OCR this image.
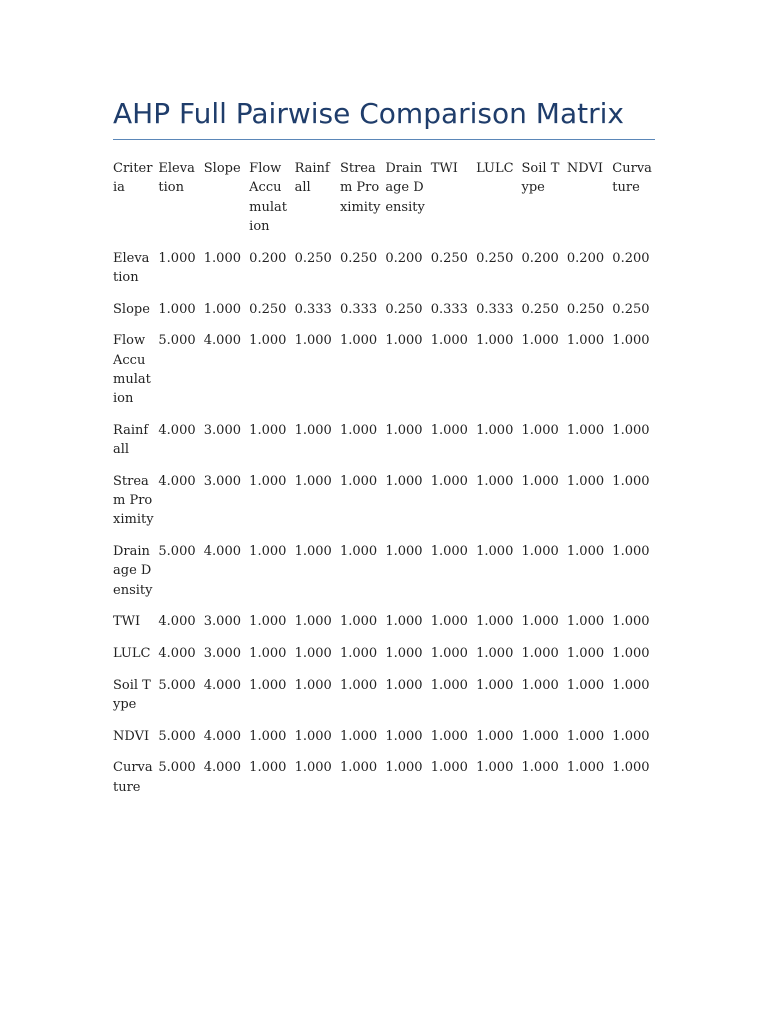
AHP Full Pairwise Comparison Matrix
Criteria	Elevation	Slope	Flow Accumulation	Rainfall	Stream Proximity	Drainage Density	TWI	LULC	Soil Type	NDVI	Curvature
Elevation	1.000	1.000	0.200	0.250	0.250	0.200	0.250	0.250	0.200	0.200	0.200
Slope	1.000	1.000	0.250	0.333	0.333	0.250	0.333	0.333	0.250	0.250	0.250
Flow Accumulation	5.000	4.000	1.000	1.000	1.000	1.000	1.000	1.000	1.000	1.000	1.000
Rainfall	4.000	3.000	1.000	1.000	1.000	1.000	1.000	1.000	1.000	1.000	1.000
Stream Proximity	4.000	3.000	1.000	1.000	1.000	1.000	1.000	1.000	1.000	1.000	1.000
Drainage Density	5.000	4.000	1.000	1.000	1.000	1.000	1.000	1.000	1.000	1.000	1.000
TWI	4.000	3.000	1.000	1.000	1.000	1.000	1.000	1.000	1.000	1.000	1.000
LULC	4.000	3.000	1.000	1.000	1.000	1.000	1.000	1.000	1.000	1.000	1.000
Soil Type	5.000	4.000	1.000	1.000	1.000	1.000	1.000	1.000	1.000	1.000	1.000
NDVI	5.000	4.000	1.000	1.000	1.000	1.000	1.000	1.000	1.000	1.000	1.000
Curvature	5.000	4.000	1.000	1.000	1.000	1.000	1.000	1.000	1.000	1.000	1.000
